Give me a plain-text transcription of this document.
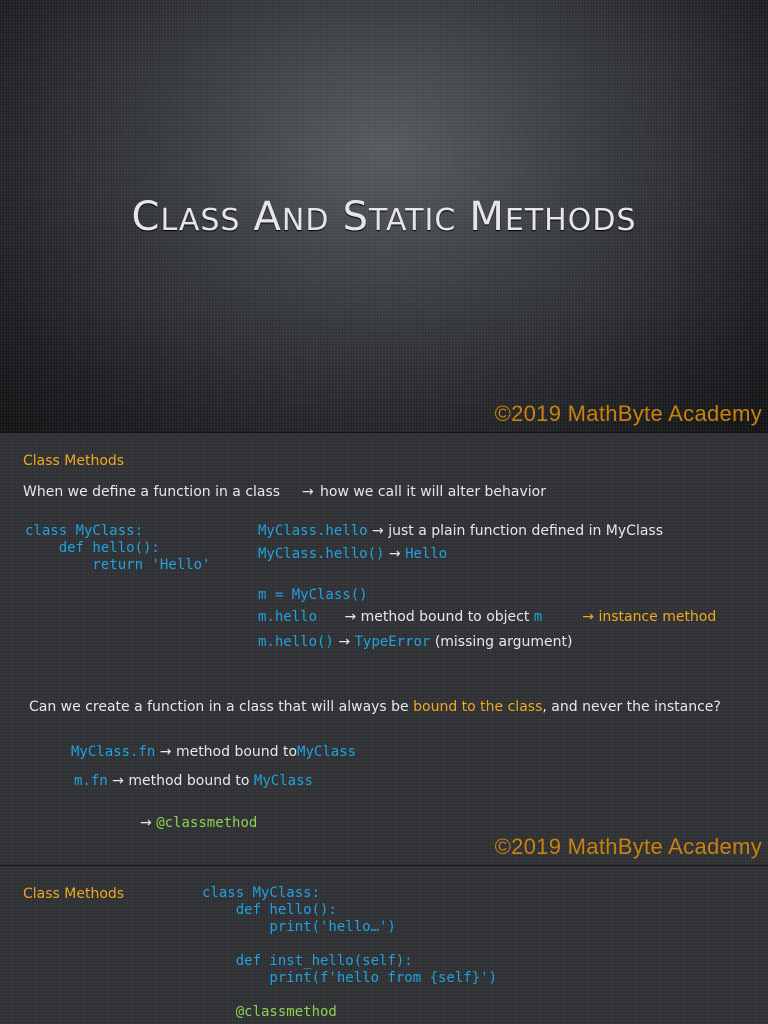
CLASS AND STATIC METHODS
©2019 MathByte Academy
Class Methods
When we define a function in a class → how we call it will alter behavior
class MyClass:
def hello():
return 'Hello'
MyClass.hello → just a plain function defined in MyClass
MyClass.hello() → Hello
m = MyClass()
m.hello → method bound to object m	→ instance method
m.hello() → TypeError (missing argument)
Can we create a function in a class that will always be bound to the class, and never the instance?
MyClass.fn → method bound toMyClass
m.fn → method bound to MyClass
→ @classmethod
©2019 MathByte Academy
Class Methods	class MyClass:
def hello():
print('hello…')
def inst_hello(self):
print(f'hello from {self}')
@classmethod
